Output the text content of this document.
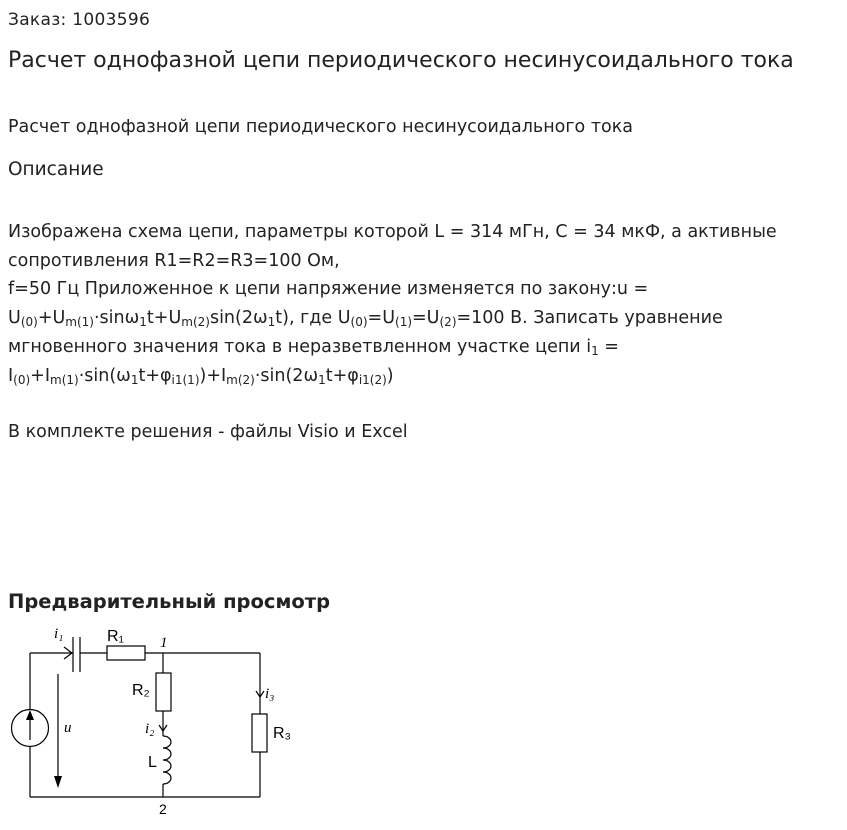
Заказ: 1003596
Расчет однофазной цепи периодического несинусоидального тока
Расчет однофазной цепи периодического несинусоидального тока
Описание

Изображена схема цепи, параметры которой L = 314 мГн, C = 34 мкФ, а активные сопротивления R1=R2=R3=100 Ом,

f=50 Гц Приложенное к цепи напряжение изменяется по закону:u = $U_{(0)}+U_{m(1)}\cdot\sin\omega_1t+U_{m(2)}\sin(2\omega_1t)$, где $U_{(0)}=U_{(1)}=U_{(2)}=100$ В. Записать уравнение мгновенного значения тока в неразветвленном участке цепи $i_1$ =
$I_{(0)}+I_{m(1)}\cdot\sin(\omega_1t+\varphi_{i1(1)})+I_{m(2)}\cdot\sin(2\omega_1t+\varphi_{i1(2)})$

В комплекте решения - файлы Visio и Excel

Предварительный просмотр
i₁
1
i₃
u	i₂
R₁
R₂
R₃
L
2
